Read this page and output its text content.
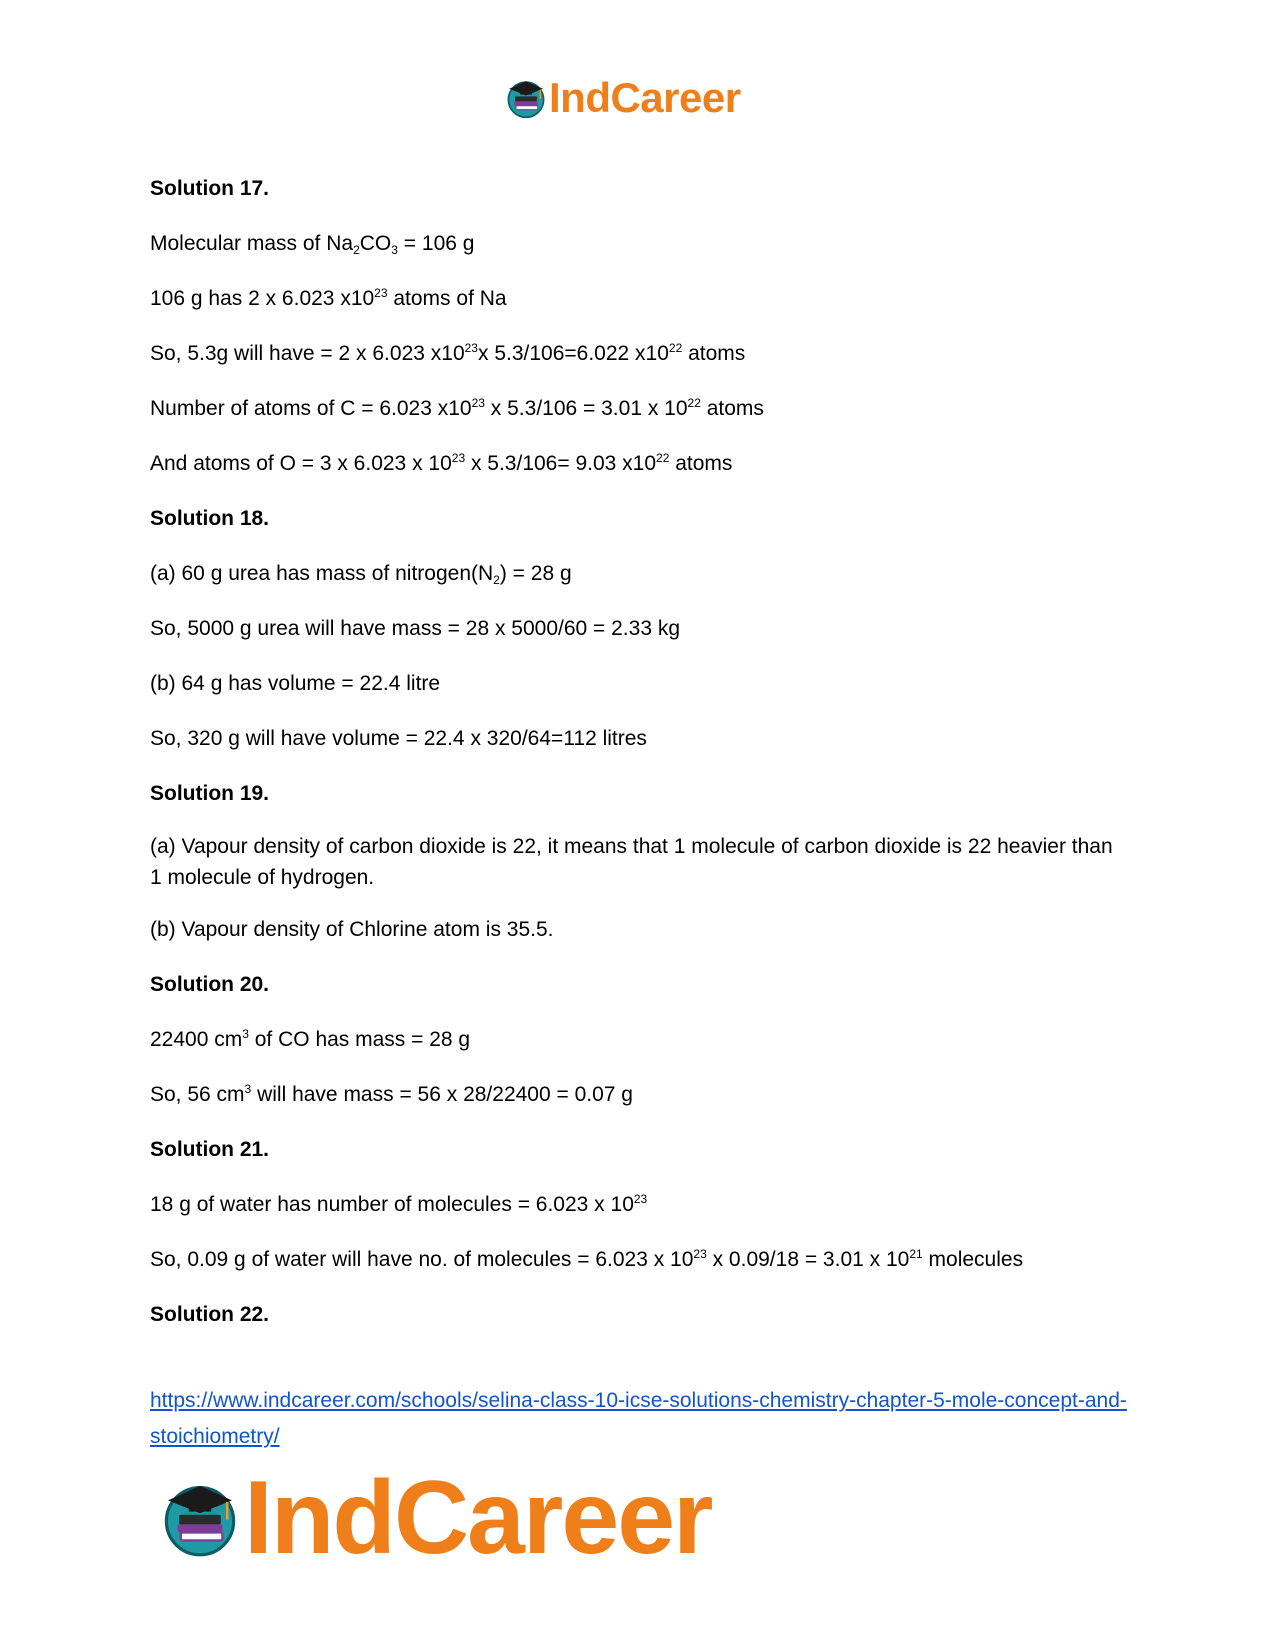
IndCareer

Solution 17.

Molecular mass of $Na_2CO_3 = 106$ g

106 g has 2 x 6.023 $x10^{23}$ atoms of Na

So, 5.3g will have = 2 x 6.023 $x10^{23}x$ 5.3/106=6.022 $x10^{22}$ atoms

Number of atoms of C = 6.023 $x10^{23}$ x 5.3/106 = 3.01 x $10^{22}$ atoms

And atoms of O = 3 x 6.023 x $10^{23}$ x 5.3/106= 9.03 $x10^{22}$ atoms

Solution 18.

(a) 60 g urea has mass of $nitrogen(N_2) = 28$ g

So, 5000 g urea will have mass = 28 x 5000/60 = 2.33 kg

(b) 64 g has volume = 22.4 litre

So, 320 g will have volume = 22.4 x 320/64=112 litres

Solution 19.

(a) Vapour density of carbon dioxide is 22, it means that 1 molecule of carbon dioxide is 22 heavier than 1 molecule of hydrogen.

(b) Vapour density of Chlorine atom is 35.5.

Solution 20.

22400 $cm^3$ of CO has mass = 28 g

So, 56 $cm^3$ will have mass = 56 x 28/22400 = 0.07 g

Solution 21.

18 g of water has number of molecules = 6.023 x $10^{23}$

So, 0.09 g of water will have no. of molecules = 6.023 x $10^{23}$ x 0.09/18 = 3.01 x $10^{21}$ molecules

Solution 22.

https://www.indcareer.com/schools/selina-class-10-icse-solutions-chemistry-chapter-5-mole-concept-and-stoichiometry/
IndCareer
